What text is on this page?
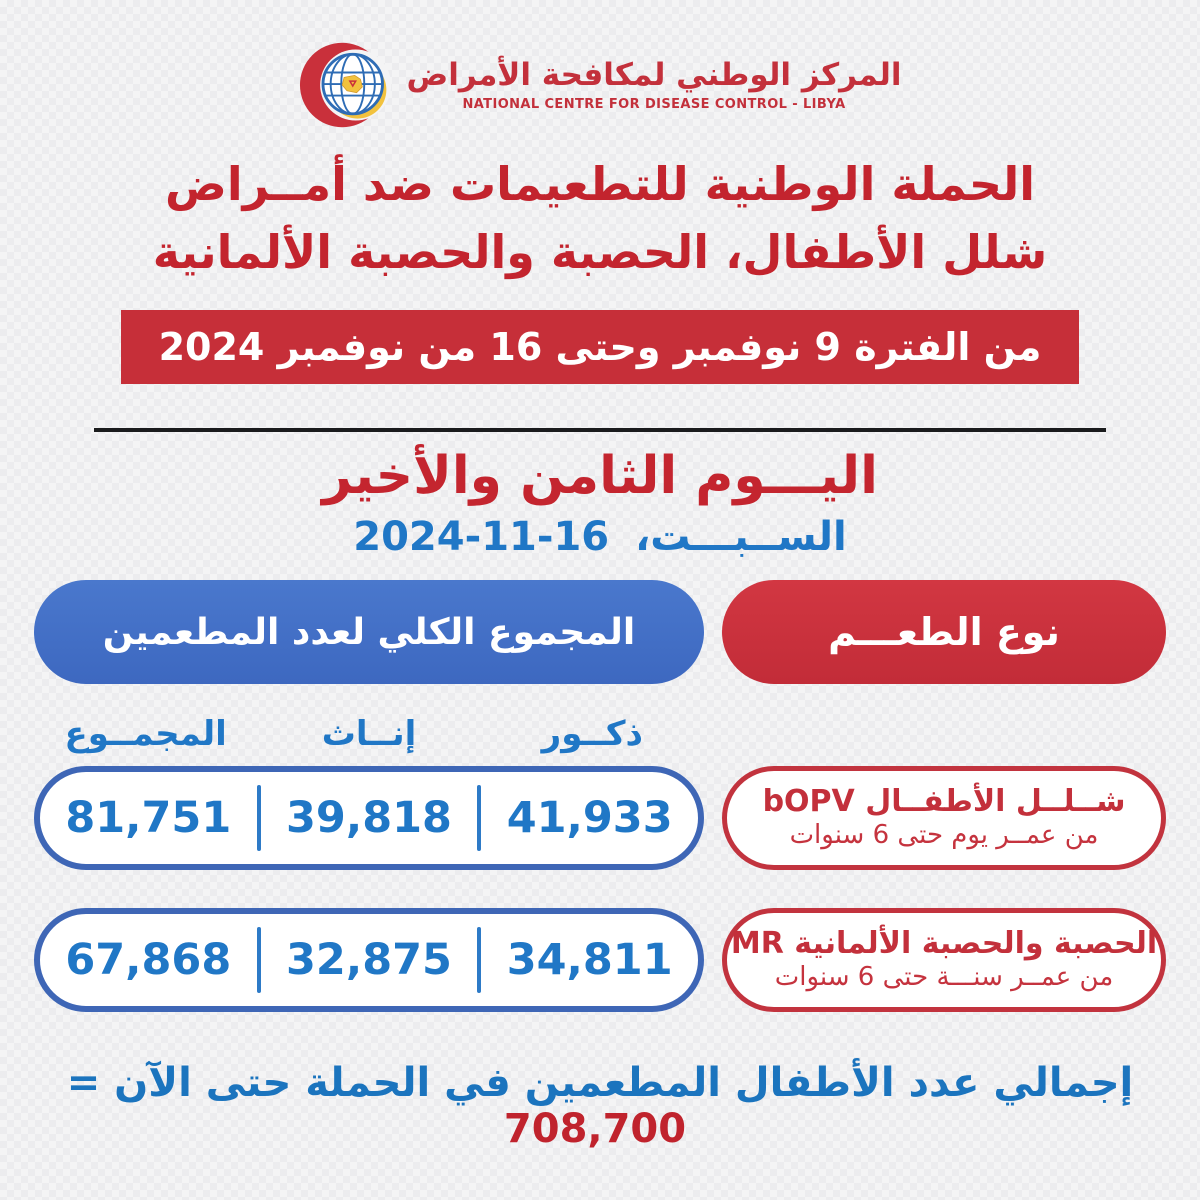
المركز الوطني لمكافحة الأمراض
NATIONAL CENTRE FOR DISEASE CONTROL - LIBYA
الحملة الوطنية للتطعيمات ضد أمــراض
شلل الأطفال، الحصبة والحصبة الألمانية
من الفترة 9 نوفمبر وحتى 16 من نوفمبر 2024
اليـــوم الثامن والأخير
الســبـــت، 2024-11-16
نوع الطعـــم
المجموع الكلي لعدد المطعمين
ذكــور
إنــاث
المجمــوع
شــلــل الأطفــال bOPV
من عمــر يوم حتى 6 سنوات
41,933
39,818
81,751
الحصبة والحصبة الألمانية MR
من عمــر سنـــة حتى 6 سنوات
34,811
32,875
67,868
إجمالي عدد الأطفال المطعمين في الحملة حتى الآن = 708,700
